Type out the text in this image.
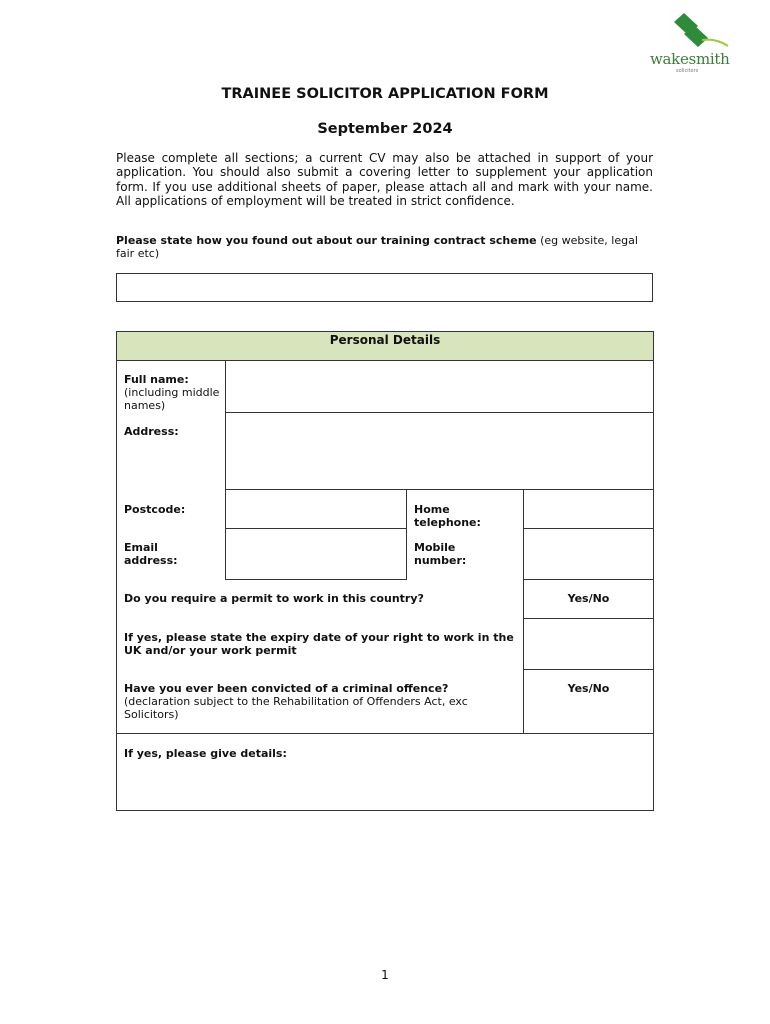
wakesmith
solicitors
TRAINEE SOLICITOR APPLICATION FORM
September 2024
Please complete all sections; a current CV may also be attached in support of your application. You should also submit a covering letter to supplement your application form. If you use additional sheets of paper, please attach all and mark with your name. All applications of employment will be treated in strict confidence.
Please state how you found out about our training contract scheme (eg website, legal fair etc)
Personal Details
Full name:
(including middle names)
Address:
Postcode:
Email address:
Home telephone:
Mobile number:
Do you require a permit to work in this country?	Yes/No
If yes, please state the expiry date of your right to work in the UK and/or your work permit
Have you ever been convicted of a criminal offence?
(declaration subject to the Rehabilitation of Offenders Act, exc Solicitors)
Yes/No
If yes, please give details:
1
